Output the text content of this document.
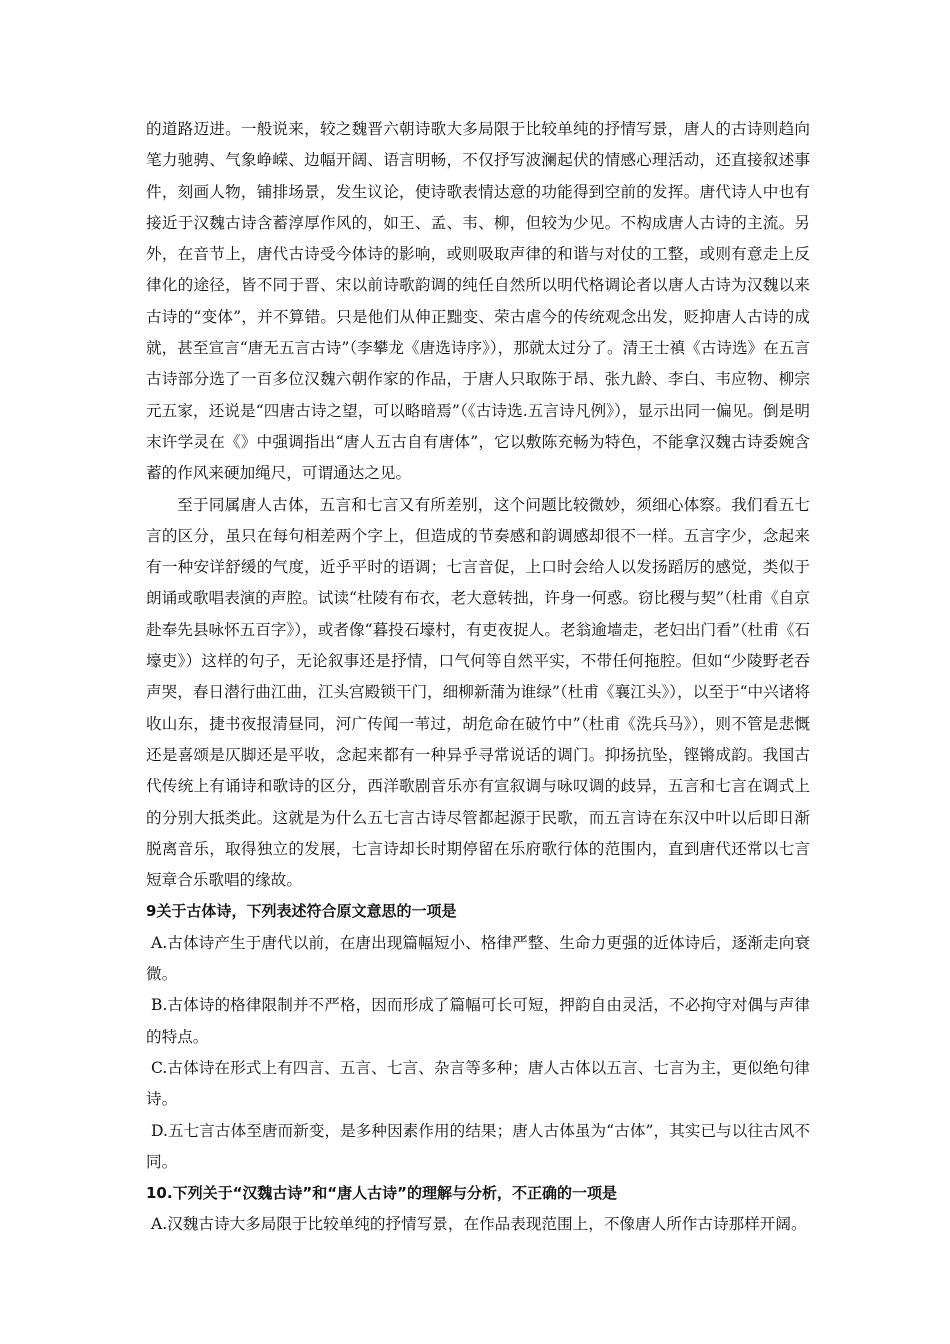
的道路迈进。一般说来，较之魏晋六朝诗歌大多局限于比较单纯的抒情写景，唐人的古诗则趋向笔力驰骋、气象峥嵘、边幅开阔、语言明畅，不仅抒写波澜起伏的情感心理活动，还直接叙述事件，刻画人物，铺排场景，发生议论，使诗歌表情达意的功能得到空前的发挥。唐代诗人中也有接近于汉魏古诗含蓄淳厚作风的，如王、孟、韦、柳，但较为少见。不构成唐人古诗的主流。另外，在音节上，唐代古诗受今体诗的影响，或则吸取声律的和谐与对仗的工整，或则有意走上反律化的途径，皆不同于晋、宋以前诗歌韵调的纯任自然所以明代格调论者以唐人古诗为汉魏以来古诗的“变体”，并不算错。只是他们从伸正黜变、荣古虐今的传统观念出发，贬抑唐人古诗的成就，甚至宣言“唐无五言古诗”（李攀龙《唐选诗序》），那就太过分了。清王士禛《古诗选》在五言古诗部分选了一百多位汉魏六朝作家的作品，于唐人只取陈于昂、张九龄、李白、韦应物、柳宗元五家，还说是“四唐古诗之望，可以略暗焉”（《古诗选.五言诗凡例》），显示出同一偏见。倒是明末许学灵在《》中强调指出“唐人五古自有唐体”，它以敷陈充畅为特色，不能拿汉魏古诗委婉含蓄的作风来硬加绳尺，可谓通达之见。

至于同属唐人古体，五言和七言又有所差别，这个问题比较微妙，须细心体察。我们看五七言的区分，虽只在每句相差两个字上，但造成的节奏感和韵调感却很不一样。五言字少，念起来有一种安详舒缓的气度，近乎平时的语调；七言音促，上口时会给人以发扬蹈厉的感觉，类似于朗诵或歌唱表演的声腔。试读“杜陵有布衣，老大意转拙，许身一何惑。窃比稷与契”（杜甫《自京赴奉先县咏怀五百字》），或者像“暮投石壕村，有吏夜捉人。老翁逾墙走，老妇出门看”（杜甫《石壕吏》）这样的句子，无论叙事还是抒情，口气何等自然平实，不带任何拖腔。但如“少陵野老吞声哭，春日潜行曲江曲，江头宫殿锁干门，细柳新蒲为谁绿”（杜甫《襄江头》），以至于“中兴诸将收山东，捷书夜报清昼同，河广传闻一苇过，胡危命在破竹中”（杜甫《洗兵马》），则不管是悲慨还是喜颂是仄脚还是平收，念起来都有一种异乎寻常说话的调门。抑扬抗坠，铿锵成韵。我国古代传统上有诵诗和歌诗的区分，西洋歌剧音乐亦有宣叙调与咏叹调的歧异，五言和七言在调式上的分别大抵类此。这就是为什么五七言古诗尽管都起源于民歌，而五言诗在东汉中叶以后即日渐脱离音乐，取得独立的发展，七言诗却长时期停留在乐府歌行体的范围内，直到唐代还常以七言短章合乐歌唱的缘故。

9关于古体诗，下列表述符合原文意思的一项是

A.古体诗产生于唐代以前，在唐出现篇幅短小、格律严整、生命力更强的近体诗后，逐渐走向衰微。

B.古体诗的格律限制并不严格，因而形成了篇幅可长可短，押韵自由灵活，不必拘守对偶与声律的特点。

C.古体诗在形式上有四言、五言、七言、杂言等多种；唐人古体以五言、七言为主，更似绝句律诗。

D.五七言古体至唐而新变，是多种因素作用的结果；唐人古体虽为“古体”，其实已与以往古风不同。

10.下列关于“汉魏古诗”和“唐人古诗”的理解与分析，不正确的一项是

A.汉魏古诗大多局限于比较单纯的抒情写景，在作品表现范围上，不像唐人所作古诗那样开阔。
